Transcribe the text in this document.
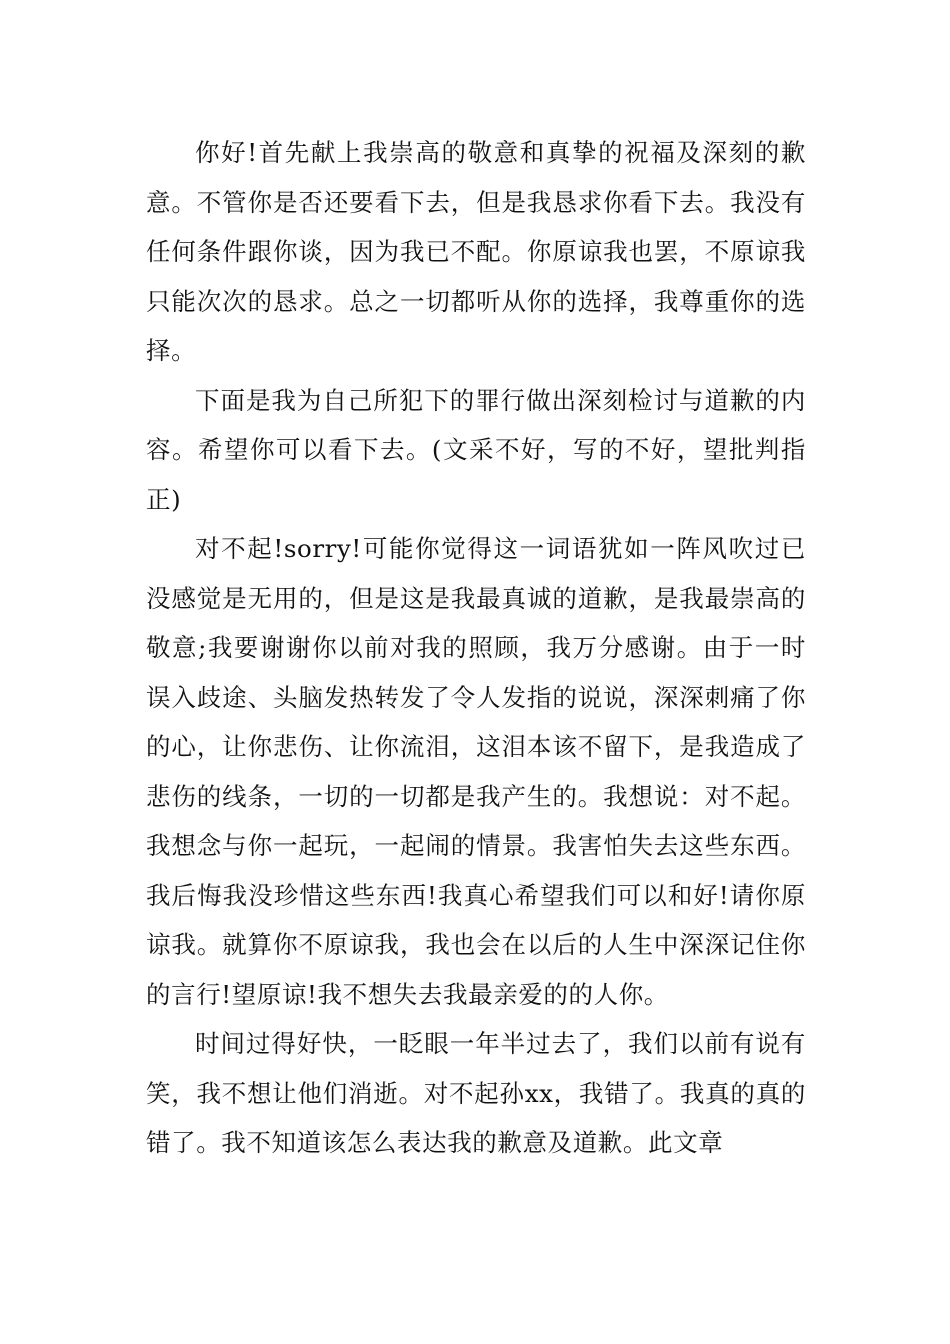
你好!首先献上我崇高的敬意和真挚的祝福及深刻的歉意。不管你是否还要看下去，但是我恳求你看下去。我没有任何条件跟你谈，因为我已不配。你原谅我也罢，不原谅我只能次次的恳求。总之一切都听从你的选择，我尊重你的选择。

下面是我为自己所犯下的罪行做出深刻检讨与道歉的内容。希望你可以看下去。(文采不好，写的不好，望批判指正)

对不起!sorry!可能你觉得这一词语犹如一阵风吹过已没感觉是无用的，但是这是我最真诚的道歉，是我最崇高的敬意;我要谢谢你以前对我的照顾，我万分感谢。由于一时误入歧途、头脑发热转发了令人发指的说说，深深刺痛了你的心，让你悲伤、让你流泪，这泪本该不留下，是我造成了悲伤的线条，一切的一切都是我产生的。我想说：对不起。我想念与你一起玩，一起闹的情景。我害怕失去这些东西。我后悔我没珍惜这些东西!我真心希望我们可以和好!请你原谅我。就算你不原谅我，我也会在以后的人生中深深记住你的言行!望原谅!我不想失去我最亲爱的的人你。

时间过得好快，一眨眼一年半过去了，我们以前有说有笑，我不想让他们消逝。对不起孙xx，我错了。我真的真的错了。我不知道该怎么表达我的歉意及道歉。此文章
